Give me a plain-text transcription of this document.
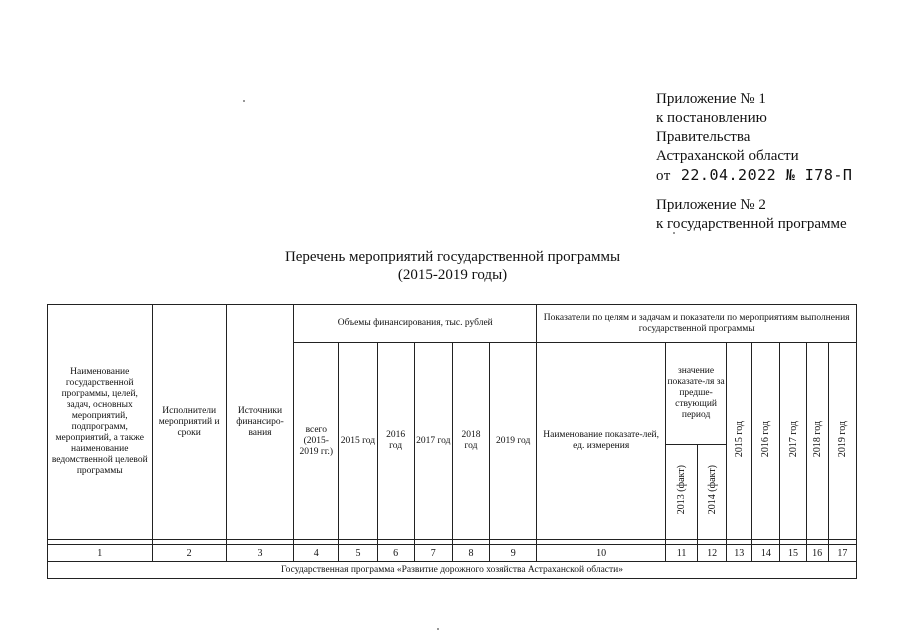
Приложение № 1
к постановлению
Правительства
Астраханской области
от 22.04.2022 № I78-П
Приложение № 2
к государственной программе
Перечень мероприятий государственной программы
(2015-2019 годы)
Наименование государственной программы, целей, задач, основных мероприятий, подпрограмм, мероприятий, а также наименование ведомственной целевой программы	Исполнители мероприятий и сроки	Источники финансиро-вания	Объемы финансирования, тыс. рублей						Показатели по целям и задачам и показатели по мероприятиям выполнения государственной программы							
			всего (2015-2019 гг.)	2015 год	2016 год	2017 год	2018 год	2019 год	Наименование показате-лей, ед. измерения	значение показате-ля за предше-ствующий период		2015 год	2016 год	2017 год	2018 год	2019 год
										2013 (факт)	2014 (факт)					

1	2	3	4	5	6	7	8	9	10	11	12	13	14	15	16	17
Государственная программа «Развитие дорожного хозяйства Астраханской области»																
